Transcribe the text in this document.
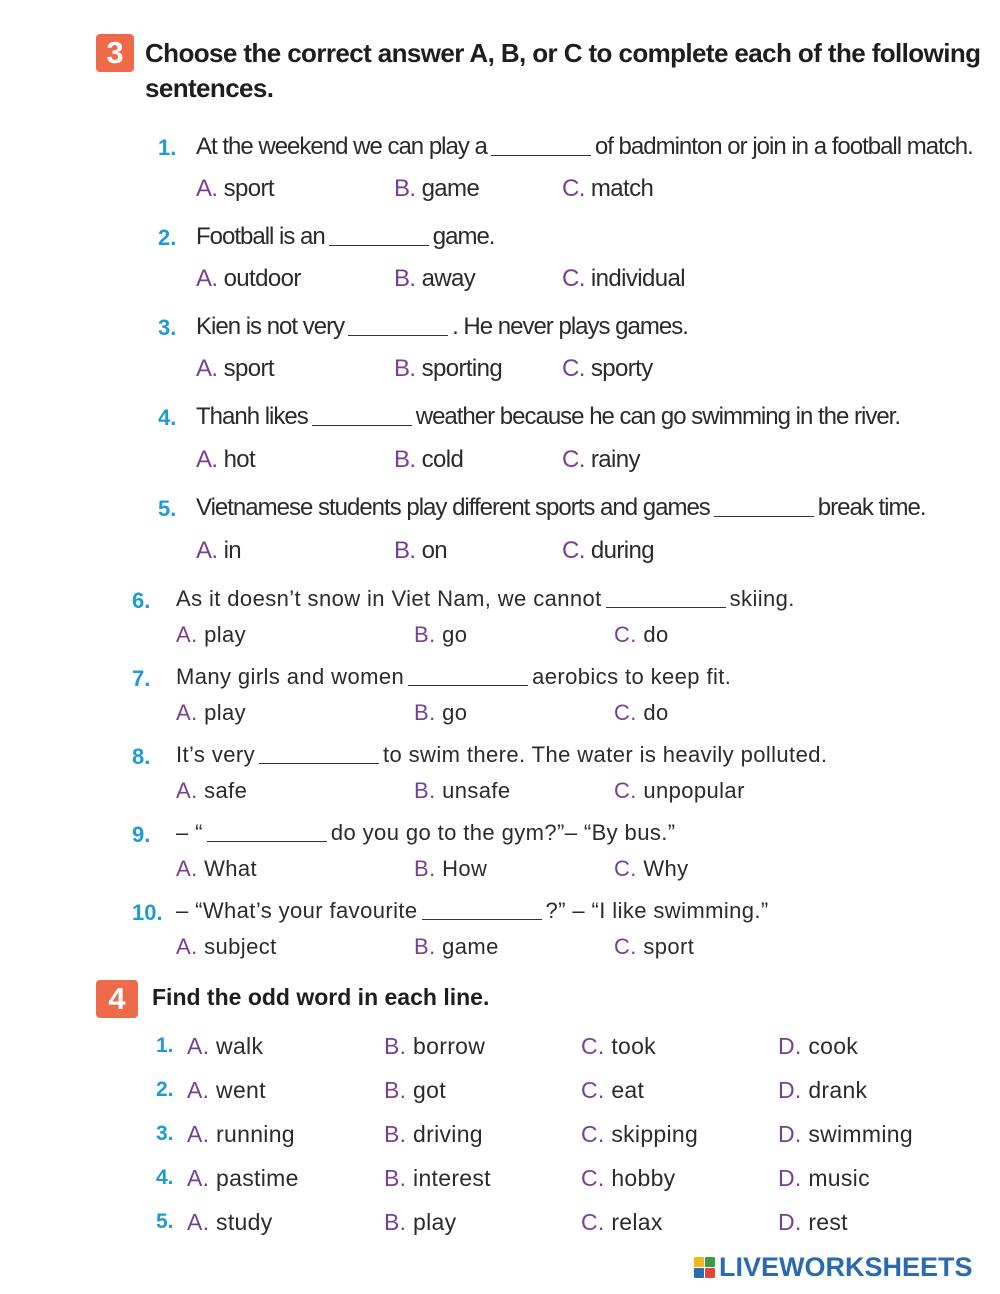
3 Choose the correct answer A, B, or C to complete each of the following
sentences.
1. At the weekend we can play a	of badminton or join in a football match.
A. sport	B. game	C. match
2. Football is an	game.
A. outdoor	B. away	C. individual
3. Kien is not very	. He never plays games.
A. sport	B. sporting C. sporty
4. Thanh likes	weather because he can go swimming in the river.
A. hot	B. cold	C. rainy
5. Vietnamese students play different sports and games	break time.
A. in	B. on	C. during
6. As it doesn’t snow in Viet Nam, we cannot	skiing.
A. play	B. go	C. do
7. Many girls and women	aerobics to keep fit.
A. play	B. go	C. do
8. It’s very	to swim there. The water is heavily polluted.
A. safe	B. unsafe	C. unpopular
9. – “	do you go to the gym?”– “By bus.”
A. What	B. How	C. Why
10. – “What’s your favourite	?” – “I like swimming.”
A. subject	B. game	C. sport
4	Find the odd word in each line.
1. A. walk	B. borrow	C. took	D. cook
2. A. went	B. got	C. eat	D. drank
3. A. running	B. driving	C. skipping	D. swimming
4. A. pastime	B. interest	C. hobby	D. music
5. A. study	B. play	C. relax	D. rest
LIVEWORKSHEETS
